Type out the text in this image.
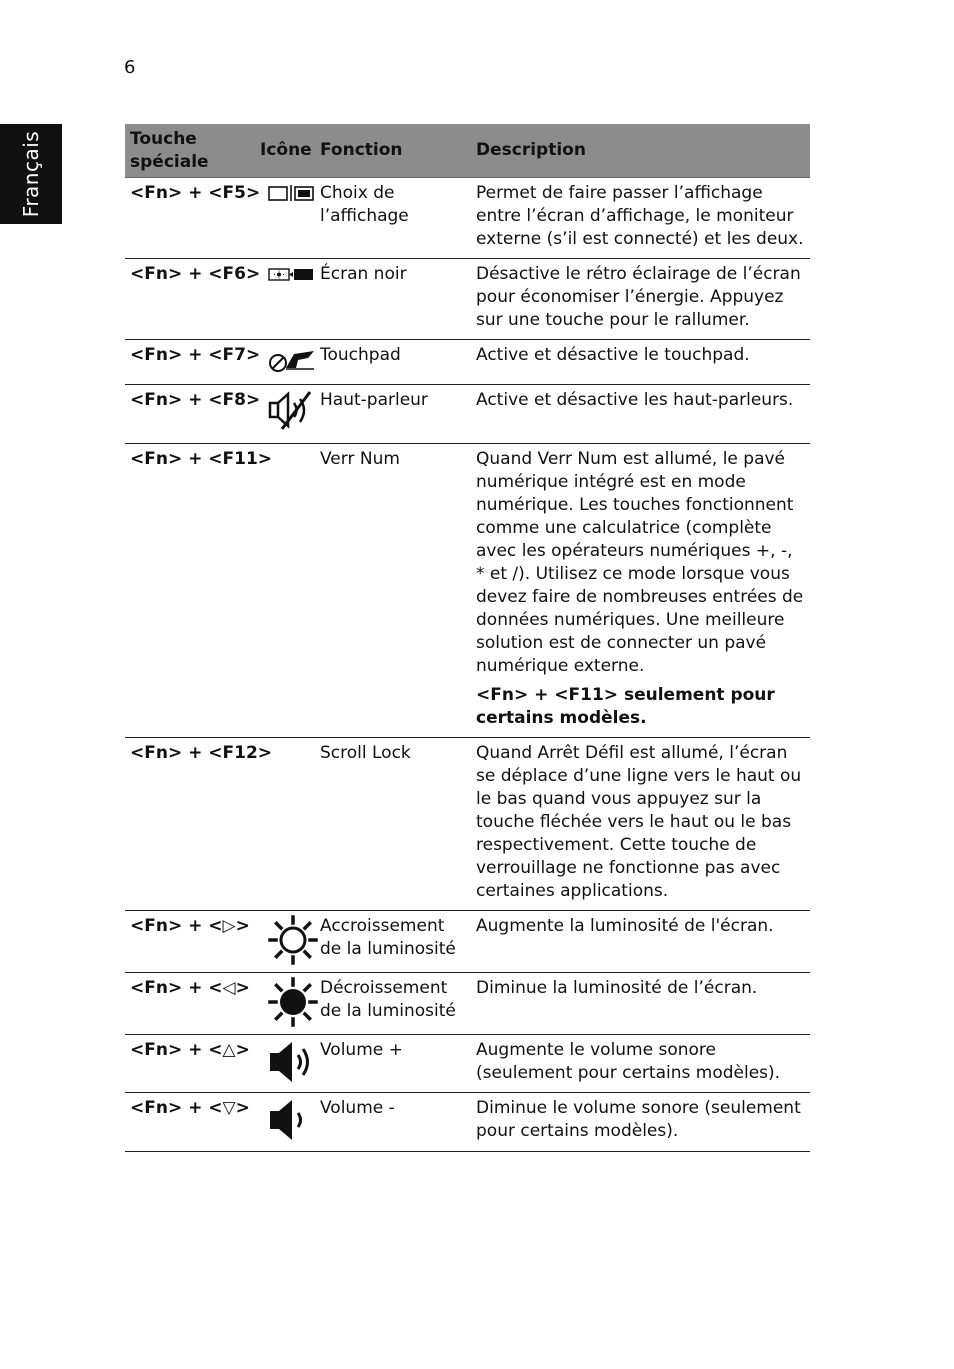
6
Français	Touche spéciale	Icône	Fonction	Description
<Fn> + <F5>		Choix de l’affichage	Permet de faire passer l’affichage entre l’écran d’affichage, le moniteur externe (s’il est connecté) et les deux.
<Fn> + <F6>		Écran noir	Désactive le rétro éclairage de l’écran pour économiser l’énergie. Appuyez sur une touche pour le rallumer.
<Fn> + <F7>		Touchpad	Active et désactive le touchpad.
<Fn> + <F8>		Haut-parleur	Active et désactive les haut-parleurs.
<Fn> + <F11>		Verr Num	Quand Verr Num est allumé, le pavé numérique intégré est en mode numérique. Les touches fonctionnent comme une calculatrice (complète avec les opérateurs numériques +, -, * et /). Utilisez ce mode lorsque vous devez faire de nombreuses entrées de données numériques. Une meilleure solution est de connecter un pavé numérique externe.

<Fn> + <F11> seulement pour certains modèles.

<Fn> + <F12>		Scroll Lock	Quand Arrêt Défil est allumé, l’écran se déplace d’une ligne vers le haut ou le bas quand vous appuyez sur la touche fléchée vers le haut ou le bas respectivement. Cette touche de verrouillage ne fonctionne pas avec certaines applications.
<Fn> + <▷>		Accroissement de la luminosité	Augmente la luminosité de l'écran.
<Fn> + <◁>		Décroissement de la luminosité	Diminue la luminosité de l’écran.
<Fn> + <△>		Volume +	Augmente le volume sonore (seulement pour certains modèles).
<Fn> + <▽>		Volume -	Diminue le volume sonore (seulement pour certains modèles).
